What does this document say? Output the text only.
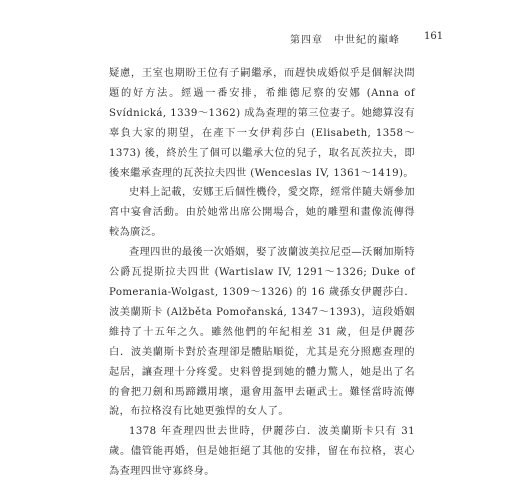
第四章　中世紀的巔峰 161

疑慮，王室也期盼王位有子嗣繼承，而趕快成婚似乎是個解決問題的好方法。經過一番安排，希維德尼察的安娜 (Anna of Svídnická, 1339～1362) 成為查理的第三位妻子。她總算沒有辜負大家的期望，在產下一女伊莉莎白 (Elisabeth, 1358～1373) 後，終於生了個可以繼承大位的兒子，取名瓦茨拉夫，即後來繼承查理的瓦茨拉夫四世 (Wenceslas IV, 1361～1419)。

史料上記載，安娜王后個性機伶，愛交際，經常伴隨夫婿參加宮中宴會活動。由於她常出席公開場合，她的雕塑和畫像流傳得較為廣泛。

查理四世的最後一次婚姻，娶了波蘭波美拉尼亞—沃爾加斯特公爵瓦提斯拉夫四世 (Wartislaw IV, 1291～1326; Duke of Pomerania-Wolgast, 1309～1326) 的 16 歲孫女伊麗莎白．波美蘭斯卡 (Alžběta Pomořanská, 1347～1393)，這段婚姻維持了十五年之久。雖然他們的年紀相差 31 歲，但是伊麗莎白．波美蘭斯卡對於查理卻是體貼順從，尤其是充分照應查理的起居，讓查理十分疼愛。史料曾提到她的體力驚人，她是出了名的會把刀劍和馬蹄鐵用壞，還會用盔甲去砸武士。難怪當時流傳說，布拉格沒有比她更強悍的女人了。

1378 年查理四世去世時，伊麗莎白．波美蘭斯卡只有 31 歲。儘管能再婚，但是她拒絕了其他的安排，留在布拉格，衷心為查理四世守寡終身。
